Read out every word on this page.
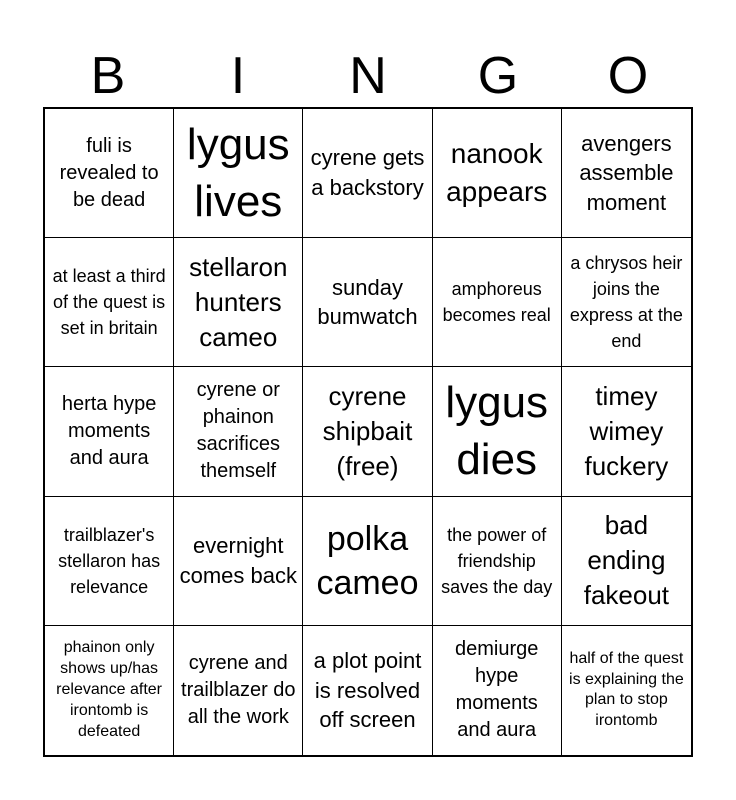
B	I	N	G	O
fuli is revealed to be dead
lygus lives
cyrene gets a backstory
nanook appears
avengers assemble moment
at least a third of the quest is set in britain
stellaron hunters cameo
sunday bumwatch
amphoreus becomes real
a chrysos heir joins the express at the end
herta hype moments and aura
cyrene or phainon sacrifices themself
cyrene shipbait (free)
lygus dies
timey wimey fuckery
trailblazer's stellaron has relevance
evernight comes back
polka cameo
the power of friendship saves the day
bad ending fakeout
phainon only shows up/has relevance after irontomb is defeated
cyrene and trailblazer do all the work
a plot point is resolved off screen
demiurge hype moments and aura
half of the quest is explaining the plan to stop irontomb
